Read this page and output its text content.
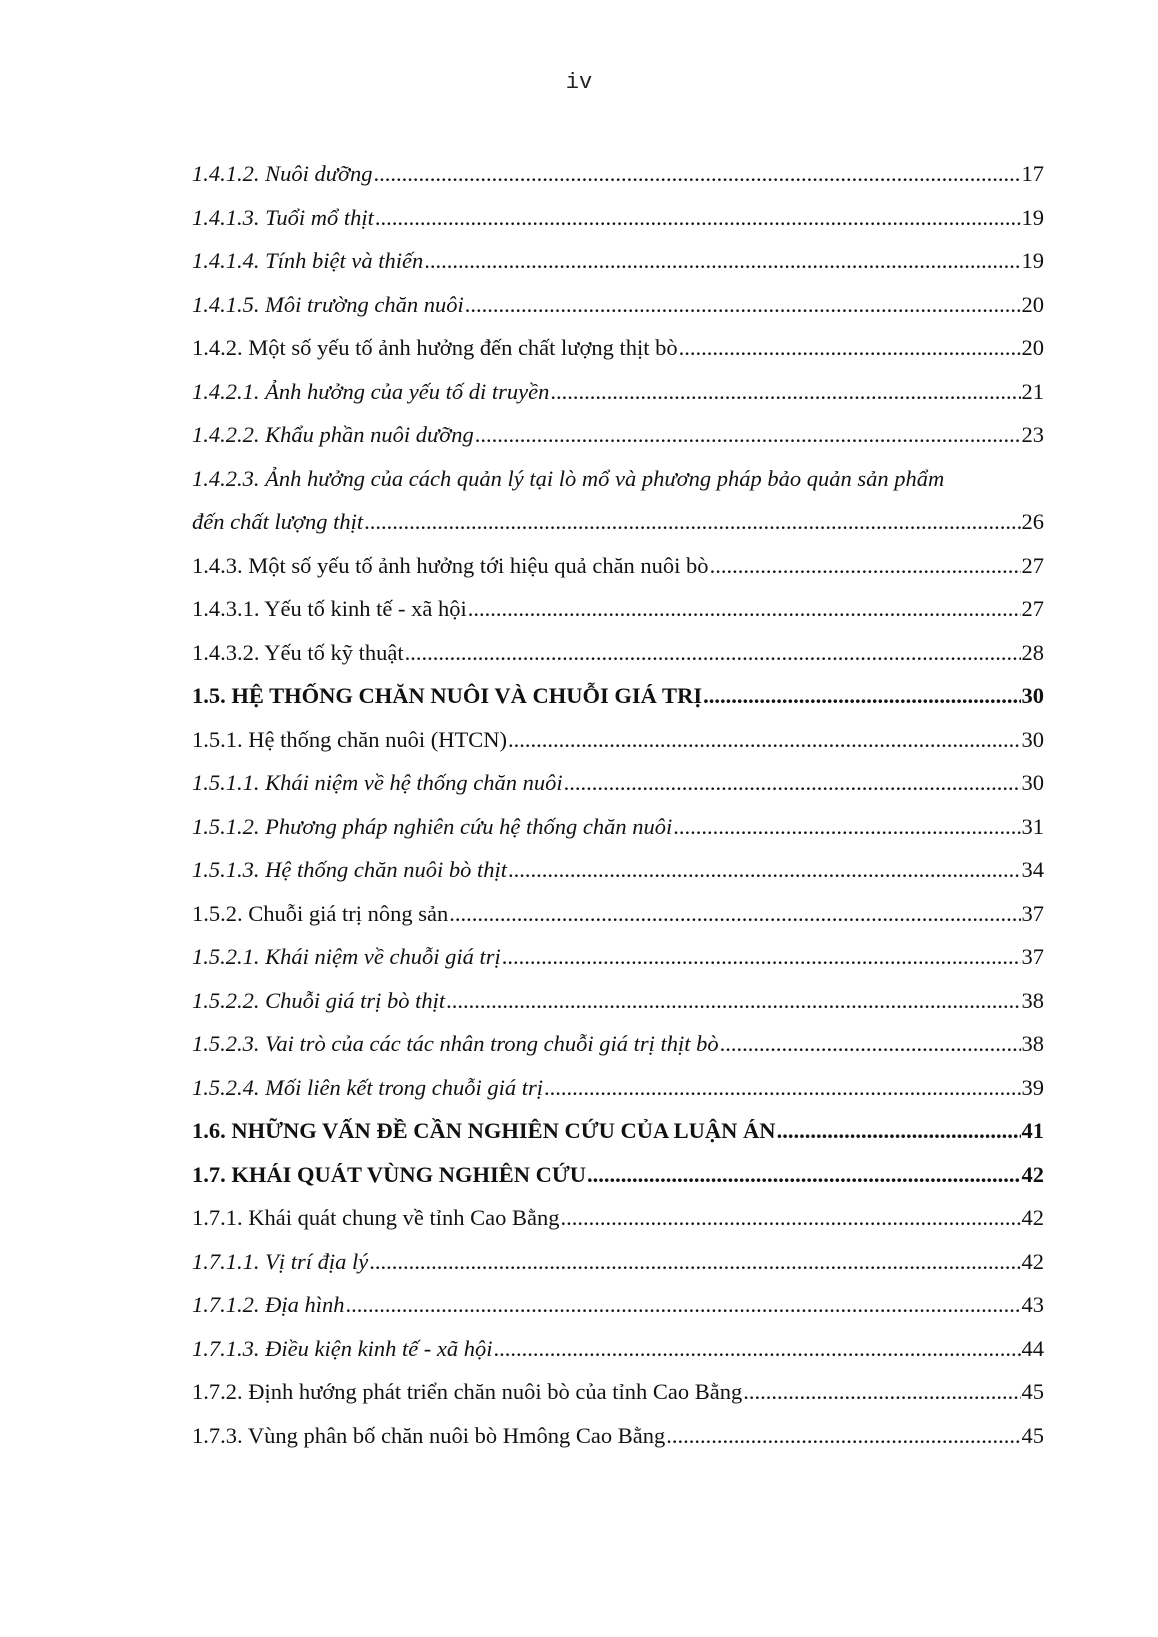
iv
1.4.1.2. Nuôi dưỡng .....	17
1.4.1.3. Tuổi mổ thịt .....	19
1.4.1.4. Tính biệt và thiến .....	19
1.4.1.5. Môi trường chăn nuôi .....	20
1.4.2. Một số yếu tố ảnh hưởng đến chất lượng thịt bò .....	20
1.4.2.1. Ảnh hưởng của yếu tố di truyền .....	21
1.4.2.2. Khẩu phần nuôi dưỡng .....	23
1.4.2.3. Ảnh hưởng của cách quản lý tại lò mổ và phương pháp bảo quản sản phẩm
đến chất lượng thịt .....	26
1.4.3. Một số yếu tố ảnh hưởng tới hiệu quả chăn nuôi bò .....	27
1.4.3.1. Yếu tố kinh tế - xã hội .....	27
1.4.3.2. Yếu tố kỹ thuật .....	28
1.5. HỆ THỐNG CHĂN NUÔI VÀ CHUỖI GIÁ TRỊ .....	30
1.5.1. Hệ thống chăn nuôi (HTCN) .....	30
1.5.1.1. Khái niệm về hệ thống chăn nuôi .....	30
1.5.1.2. Phương pháp nghiên cứu hệ thống chăn nuôi .....	31
1.5.1.3. Hệ thống chăn nuôi bò thịt .....	34
1.5.2. Chuỗi giá trị nông sản .....	37
1.5.2.1. Khái niệm về chuỗi giá trị .....	37
1.5.2.2. Chuỗi giá trị bò thịt .....	38
1.5.2.3. Vai trò của các tác nhân trong chuỗi giá trị thịt bò .....	38
1.5.2.4. Mối liên kết trong chuỗi giá trị .....	39
1.6. NHỮNG VẤN ĐỀ CẦN NGHIÊN CỨU CỦA LUẬN ÁN .....	41
1.7. KHÁI QUÁT VÙNG NGHIÊN CỨU .....	42
1.7.1. Khái quát chung về tỉnh Cao Bằng .....	42
1.7.1.1. Vị trí địa lý .....	42
1.7.1.2. Địa hình .....	43
1.7.1.3. Điều kiện kinh tế - xã hội .....	44
1.7.2. Định hướng phát triển chăn nuôi bò của tỉnh Cao Bằng .....	45
1.7.3. Vùng phân bố chăn nuôi bò Hmông Cao Bằng .....	45
